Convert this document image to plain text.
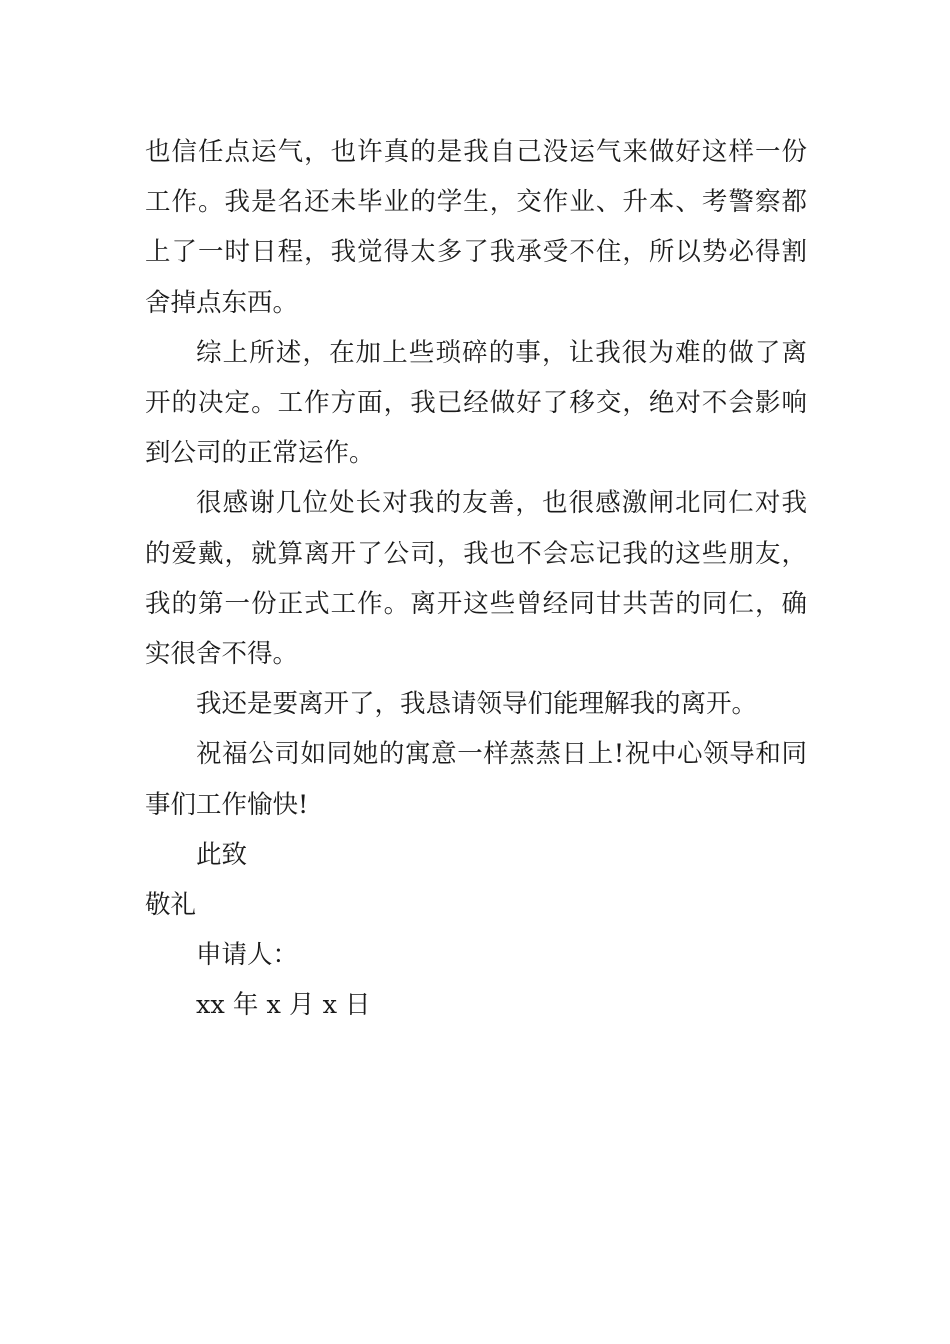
也信任点运气，也许真的是我自己没运气来做好这样一份工作。我是名还未毕业的学生，交作业、升本、考警察都上了一时日程，我觉得太多了我承受不住，所以势必得割舍掉点东西。

综上所述，在加上些琐碎的事，让我很为难的做了离开的决定。工作方面，我已经做好了移交，绝对不会影响到公司的正常运作。

很感谢几位处长对我的友善，也很感激闸北同仁对我的爱戴，就算离开了公司，我也不会忘记我的这些朋友，我的第一份正式工作。离开这些曾经同甘共苦的同仁，确实很舍不得。

我还是要离开了，我恳请领导们能理解我的离开。

祝福公司如同她的寓意一样蒸蒸日上!祝中心领导和同事们工作愉快!

此致

敬礼

申请人：

xx 年 x 月 x 日
